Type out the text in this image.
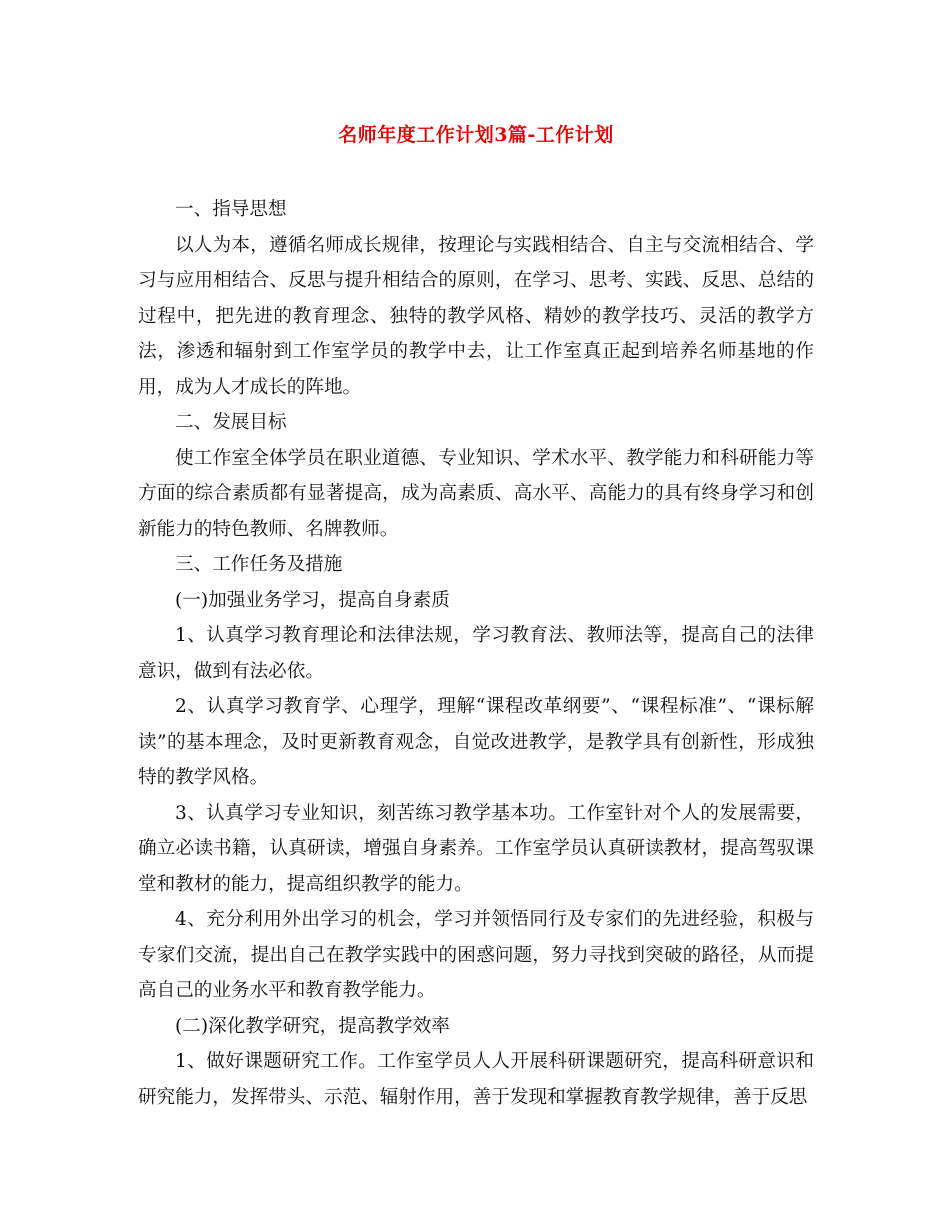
名师年度工作计划3篇-工作计划

一、指导思想

以人为本，遵循名师成长规律，按理论与实践相结合、自主与交流相结合、学习与应用相结合、反思与提升相结合的原则，在学习、思考、实践、反思、总结的过程中，把先进的教育理念、独特的教学风格、精妙的教学技巧、灵活的教学方法，渗透和辐射到工作室学员的教学中去，让工作室真正起到培养名师基地的作用，成为人才成长的阵地。

二、发展目标

使工作室全体学员在职业道德、专业知识、学术水平、教学能力和科研能力等方面的综合素质都有显著提高，成为高素质、高水平、高能力的具有终身学习和创新能力的特色教师、名牌教师。

三、工作任务及措施

(一)加强业务学习，提高自身素质

1、认真学习教育理论和法律法规，学习教育法、教师法等，提高自己的法律意识，做到有法必依。

2、认真学习教育学、心理学，理解“课程改革纲要”、“课程标准”、“课标解读”的基本理念，及时更新教育观念，自觉改进教学，是教学具有创新性，形成独特的教学风格。

3、认真学习专业知识，刻苦练习教学基本功。工作室针对个人的发展需要，确立必读书籍，认真研读，增强自身素养。工作室学员认真研读教材，提高驾驭课堂和教材的能力，提高组织教学的能力。

4、充分利用外出学习的机会，学习并领悟同行及专家们的先进经验，积极与专家们交流，提出自己在教学实践中的困惑问题，努力寻找到突破的路径，从而提高自己的业务水平和教育教学能力。

(二)深化教学研究，提高教学效率

1、做好课题研究工作。工作室学员人人开展科研课题研究，提高科研意识和研究能力，发挥带头、示范、辐射作用，善于发现和掌握教育教学规律，善于反思
